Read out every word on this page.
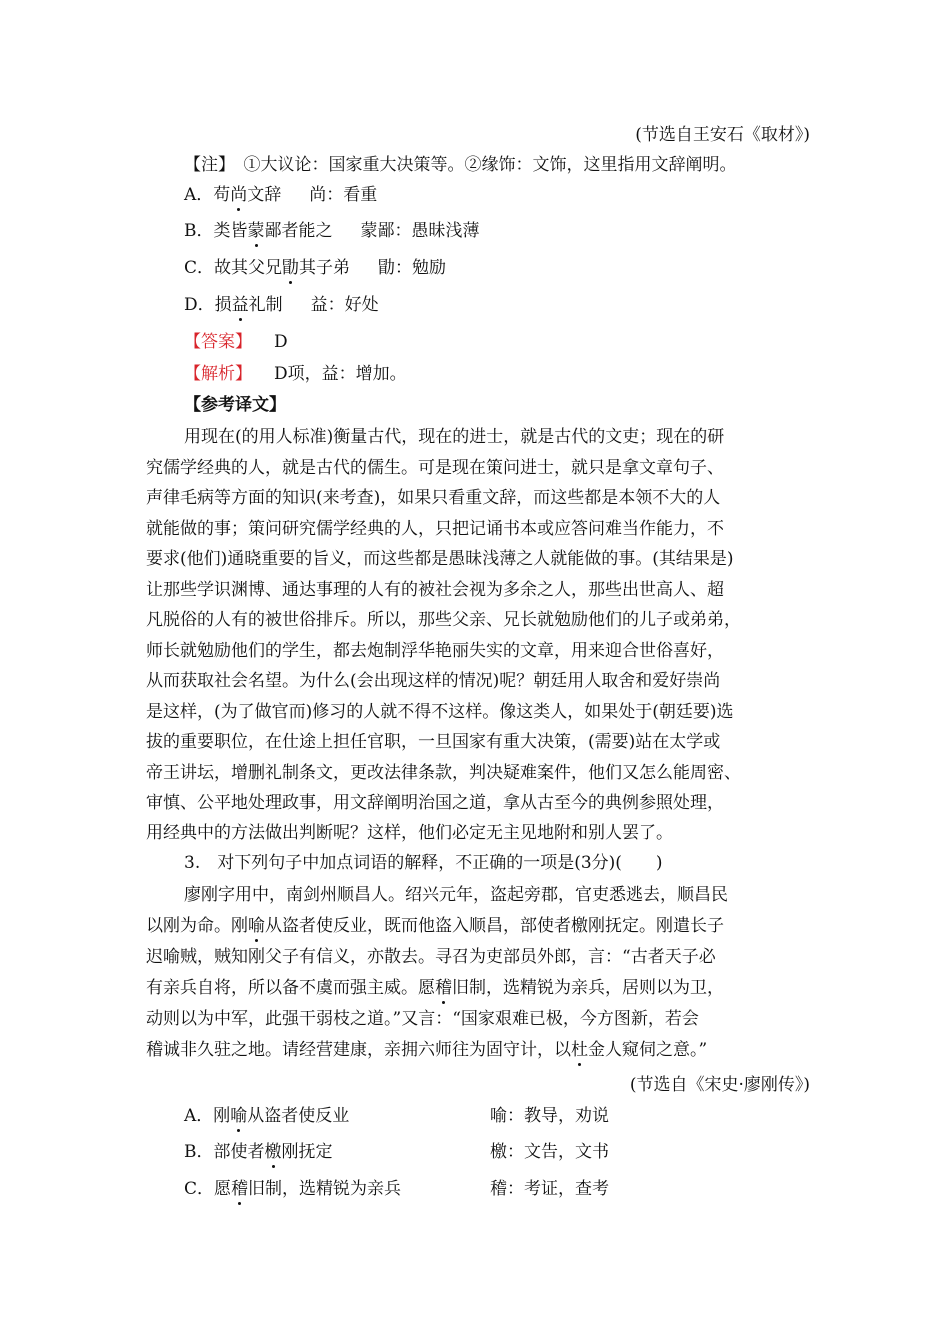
(节选自王安石《取材》)
【注】　①大议论：国家重大决策等。②缘饰：文饰，这里指用文辞阐明。
A．苟尚文辞 尚：看重
B．类皆蒙鄙者能之 蒙鄙：愚昧浅薄
C．故其父兄勖其子弟 勖：勉励
D．损益礼制 益：好处
【答案】 D
【解析】 D项，益：增加。
【参考译文】
用现在(的用人标准)衡量古代，现在的进士，就是古代的文吏；现在的研
究儒学经典的人，就是古代的儒生。可是现在策问进士，就只是拿文章句子、
声律毛病等方面的知识(来考查)，如果只看重文辞，而这些都是本领不大的人
就能做的事；策问研究儒学经典的人，只把记诵书本或应答问难当作能力，不
要求(他们)通晓重要的旨义，而这些都是愚昧浅薄之人就能做的事。(其结果是)
让那些学识渊博、通达事理的人有的被社会视为多余之人，那些出世高人、超
凡脱俗的人有的被世俗排斥。所以，那些父亲、兄长就勉励他们的儿子或弟弟，
师长就勉励他们的学生，都去炮制浮华艳丽失实的文章，用来迎合世俗喜好，
从而获取社会名望。为什么(会出现这样的情况)呢？朝廷用人取舍和爱好崇尚
是这样，(为了做官而)修习的人就不得不这样。像这类人，如果处于(朝廷要)选
拔的重要职位，在仕途上担任官职，一旦国家有重大决策，(需要)站在太学或
帝王讲坛，增删礼制条文，更改法律条款，判决疑难案件，他们又怎么能周密、
审慎、公平地处理政事，用文辞阐明治国之道，拿从古至今的典例参照处理，
用经典中的方法做出判断呢？这样，他们必定无主见地附和别人罢了。
3.　对下列句子中加点词语的解释，不正确的一项是(3分)(　　)
廖刚字用中，南剑州顺昌人。绍兴元年，盗起旁郡，官吏悉逃去，顺昌民
以刚为命。刚喻从盗者使反业，既而他盗入顺昌，部使者檄刚抚定。刚遣长子
迟喻贼，贼知刚父子有信义，亦散去。寻召为吏部员外郎，言：“古者天子必
有亲兵自将，所以备不虞而强主威。愿稽旧制，选精锐为亲兵，居则以为卫，
动则以为中军，此强干弱枝之道。”又言：“国家艰难已极，今方图新，若会
稽诚非久驻之地。请经营建康，亲拥六师往为固守计，以杜金人窥伺之意。”
(节选自《宋史·廖刚传》)
A．刚喻从盗者使反业	喻：教导，劝说
B．部使者檄刚抚定	檄：文告，文书
C．愿稽旧制，选精锐为亲兵	稽：考证，查考
